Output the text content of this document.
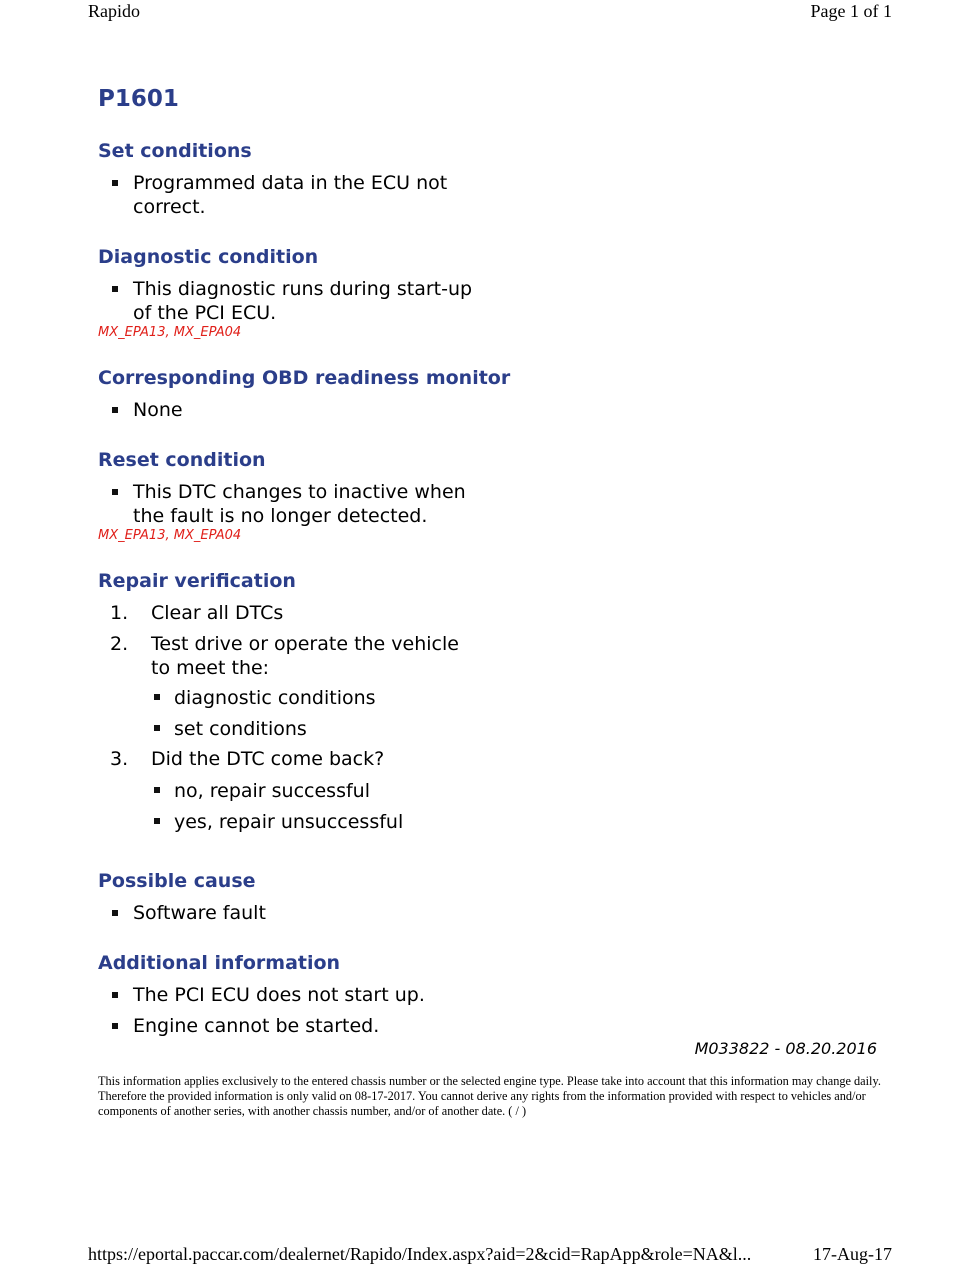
Rapido	Page 1 of 1
P1601
Set conditions
Programmed data in the ECU not
correct.
Diagnostic condition
This diagnostic runs during start-up
of the PCI ECU.
MX_EPA13, MX_EPA04
Corresponding OBD readiness monitor
None
Reset condition
This DTC changes to inactive when
the fault is no longer detected.
MX_EPA13, MX_EPA04
Repair verification
1. Clear all DTCs
2. Test drive or operate the vehicle
to meet the:
diagnostic conditions
set conditions
3. Did the DTC come back?
no, repair successful
yes, repair unsuccessful
Possible cause
Software fault
Additional information
The PCI ECU does not start up.
Engine cannot be started.
M033822 - 08.20.2016
This information applies exclusively to the entered chassis number or the selected engine type. Please take into account that this information may change daily. Therefore the provided information is only valid on 08-17-2017. You cannot derive any rights from the information provided with respect to vehicles and/or components of another series, with another chassis number, and/or of another date. ( / )
https://eportal.paccar.com/dealernet/Rapido/Index.aspx?aid=2&cid=RapApp&role=NA&l...	17-Aug-17
